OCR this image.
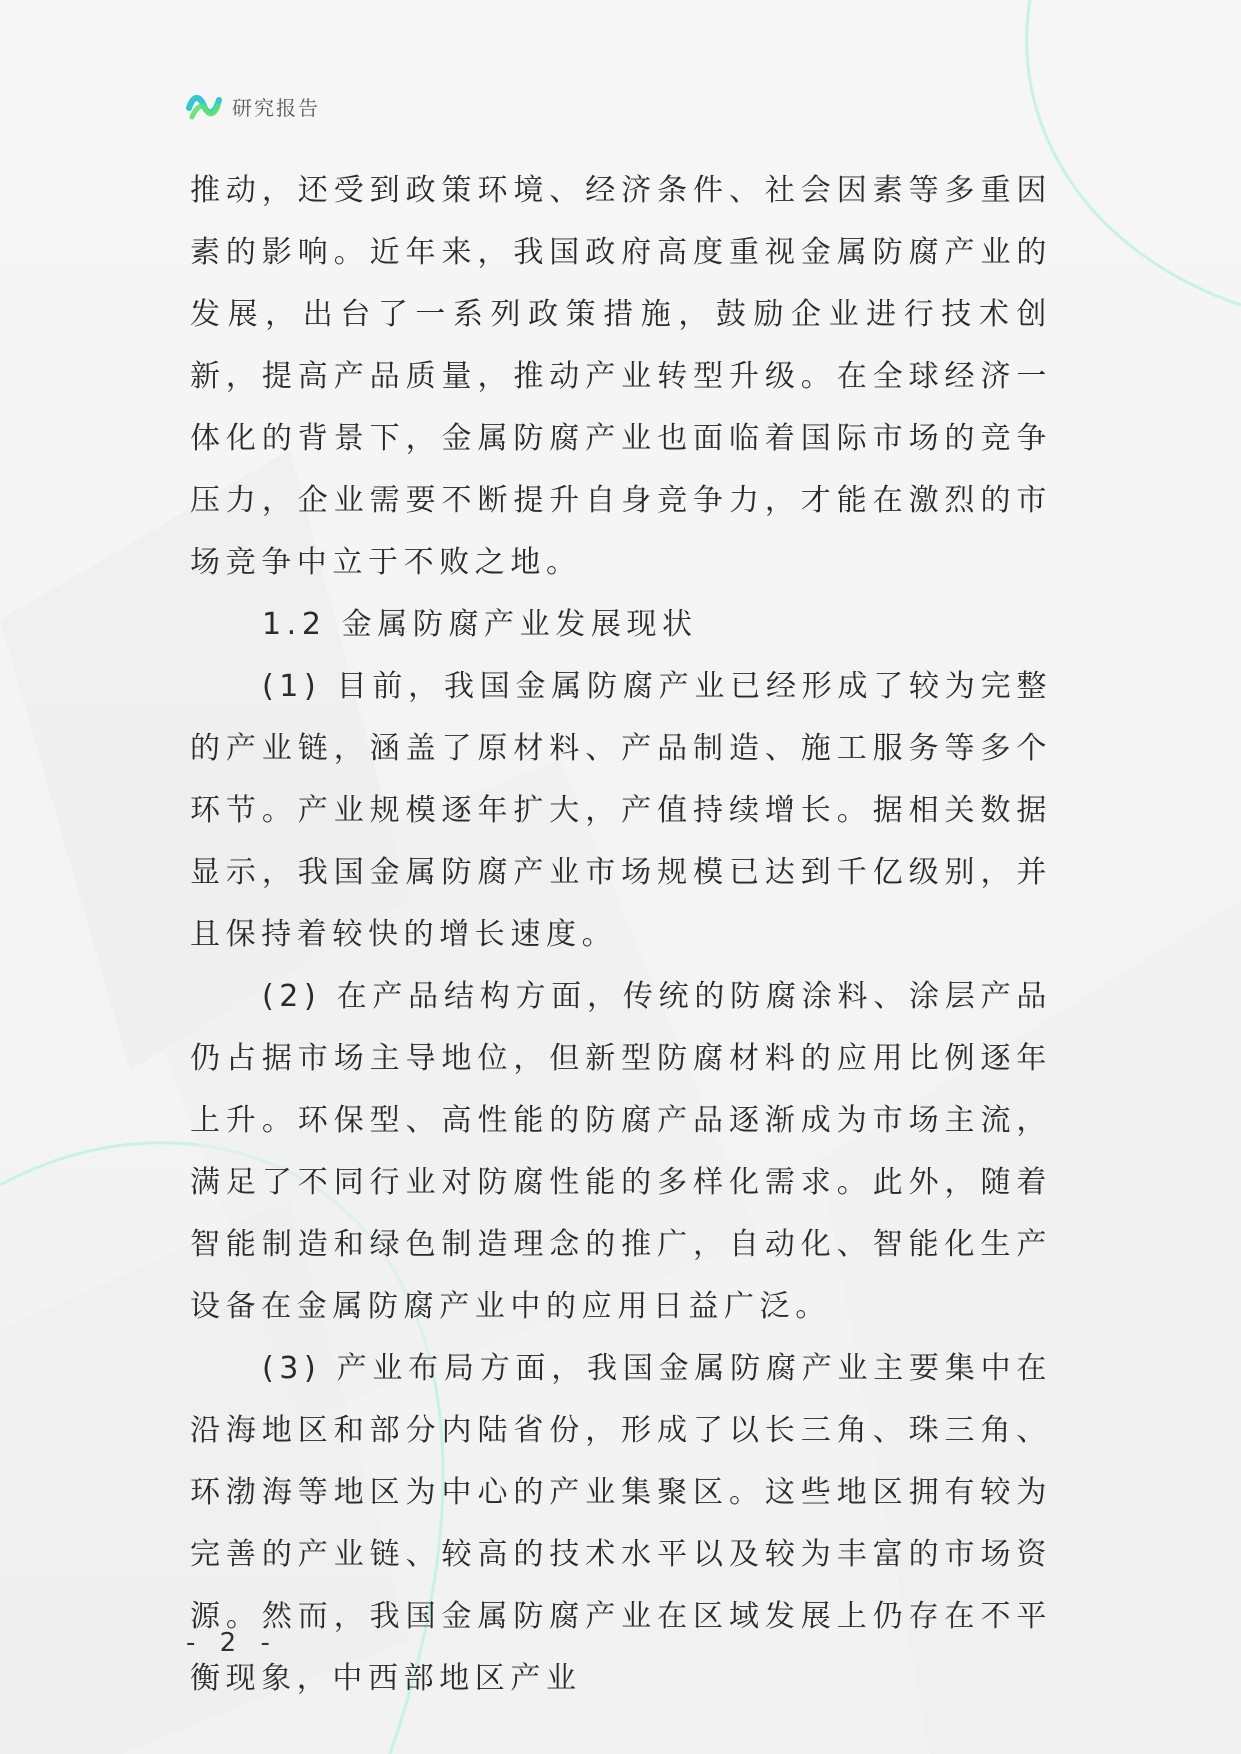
研究报告

推动，还受到政策环境、经济条件、社会因素等多重因素的影响。近年来，我国政府高度重视金属防腐产业的发展，出台了一系列政策措施，鼓励企业进行技术创新，提高产品质量，推动产业转型升级。在全球经济一体化的背景下，金属防腐产业也面临着国际市场的竞争压力，企业需要不断提升自身竞争力，才能在激烈的市场竞争中立于不败之地。

1.2 金属防腐产业发展现状

(1) 目前，我国金属防腐产业已经形成了较为完整的产业链，涵盖了原材料、产品制造、施工服务等多个环节。产业规模逐年扩大，产值持续增长。据相关数据显示，我国金属防腐产业市场规模已达到千亿级别，并且保持着较快的增长速度。

(2) 在产品结构方面，传统的防腐涂料、涂层产品仍占据市场主导地位，但新型防腐材料的应用比例逐年上升。环保型、高性能的防腐产品逐渐成为市场主流，满足了不同行业对防腐性能的多样化需求。此外，随着智能制造和绿色制造理念的推广，自动化、智能化生产设备在金属防腐产业中的应用日益广泛。

(3) 产业布局方面，我国金属防腐产业主要集中在沿海地区和部分内陆省份，形成了以长三角、珠三角、环渤海等地区为中心的产业集聚区。这些地区拥有较为完善的产业链、较高的技术水平以及较为丰富的市场资源。然而，我国金属防腐产业在区域发展上仍存在不平衡现象，中西部地区产业

- 2 -
